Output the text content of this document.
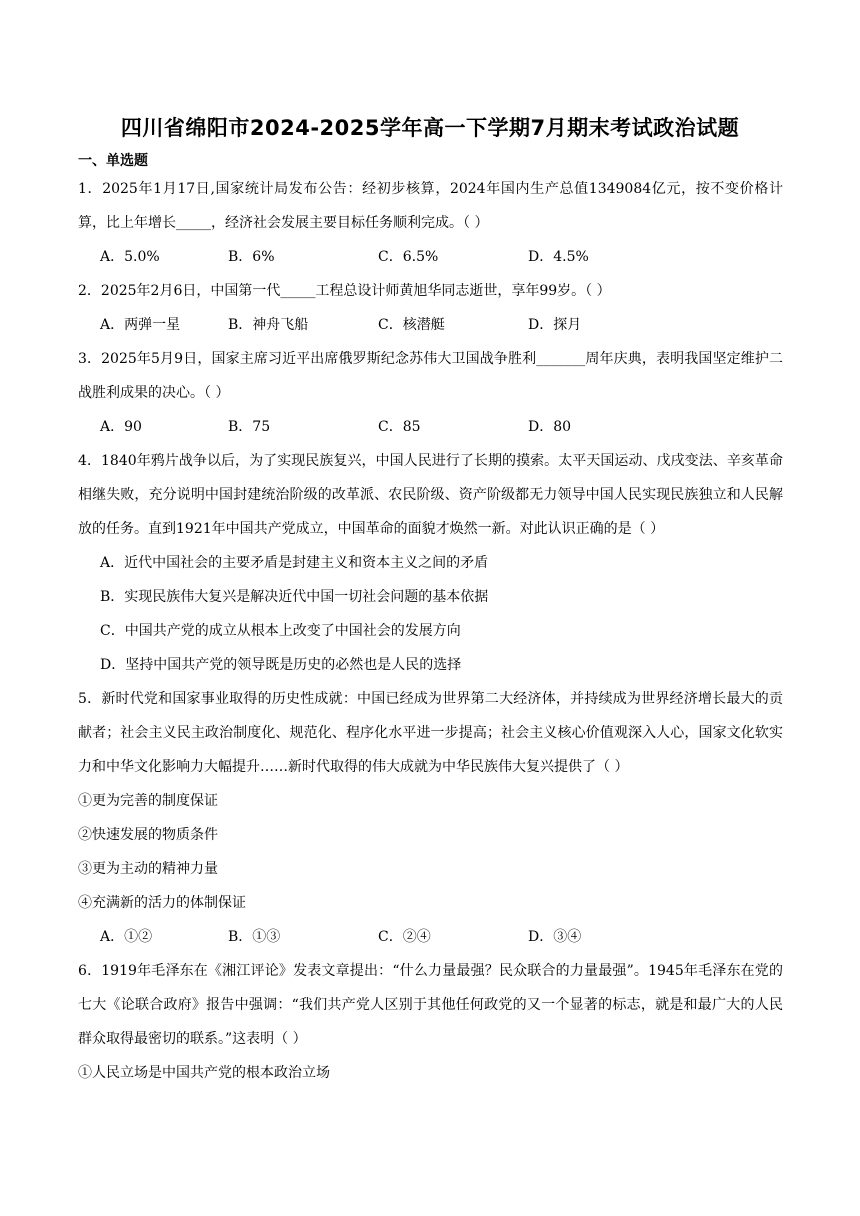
四川省绵阳市2024-2025学年高一下学期7月期末考试政治试题
一、单选题

1．2025年1月17日,国家统计局发布公告：经初步核算，2024年国内生产总值1349084亿元，按不变价格计算，比上年增长_____，经济社会发展主要目标任务顺利完成。（ ）

A．5.0%	B．6%	C．6.5%	D．4.5%

2．2025年2月6日，中国第一代_____工程总设计师黄旭华同志逝世，享年99岁。（ ）

A．两弹一星	B．神舟飞船	C．核潜艇	D．探月

3．2025年5月9日，国家主席习近平出席俄罗斯纪念苏伟大卫国战争胜利_______周年庆典，表明我国坚定维护二战胜利成果的决心。（ ）

A．90	B．75	C．85	D．80

4．1840年鸦片战争以后，为了实现民族复兴，中国人民进行了长期的摸索。太平天国运动、戊戌变法、辛亥革命相继失败，充分说明中国封建统治阶级的改革派、农民阶级、资产阶级都无力领导中国人民实现民族独立和人民解放的任务。直到1921年中国共产党成立，中国革命的面貌才焕然一新。对此认识正确的是（ ）

A．近代中国社会的主要矛盾是封建主义和资本主义之间的矛盾

B．实现民族伟大复兴是解决近代中国一切社会问题的基本依据

C．中国共产党的成立从根本上改变了中国社会的发展方向

D．坚持中国共产党的领导既是历史的必然也是人民的选择

5．新时代党和国家事业取得的历史性成就：中国已经成为世界第二大经济体，并持续成为世界经济增长最大的贡献者；社会主义民主政治制度化、规范化、程序化水平进一步提高；社会主义核心价值观深入人心，国家文化软实力和中华文化影响力大幅提升……新时代取得的伟大成就为中华民族伟大复兴提供了（ ）

①更为完善的制度保证

②快速发展的物质条件

③更为主动的精神力量

④充满新的活力的体制保证

A．①②	B．①③	C．②④	D．③④

6．1919年毛泽东在《湘江评论》发表文章提出：“什么力量最强？民众联合的力量最强”。1945年毛泽东在党的七大《论联合政府》报告中强调：“我们共产党人区别于其他任何政党的又一个显著的标志，就是和最广大的人民群众取得最密切的联系。”这表明（ ）

①人民立场是中国共产党的根本政治立场
